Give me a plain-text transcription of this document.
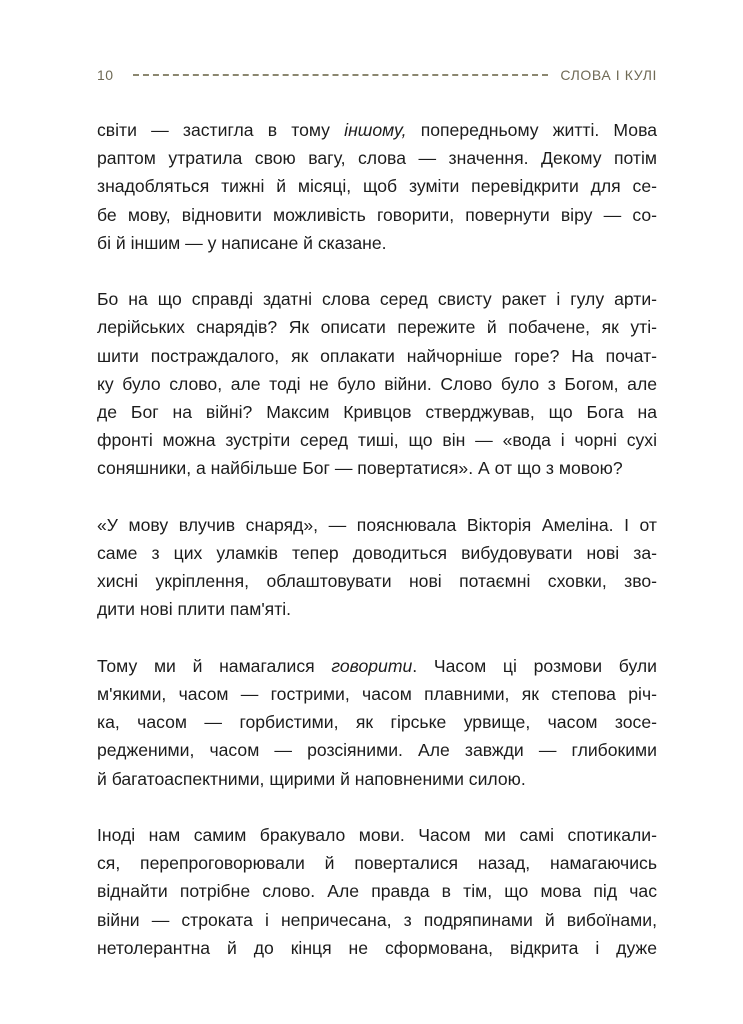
10	СЛОВА І КУЛІ
світи — застигла в тому іншому, попередньому житті. Мова
раптом утратила свою вагу, слова — значення. Декому потім
знадобляться тижні й місяці, щоб зуміти перевідкрити для се-
бе мову, відновити можливість говорити, повернути віру — со-
бі й іншим — у написане й сказане.
Бо на що справді здатні слова серед свисту ракет і гулу арти-
лерійських снарядів? Як описати пережите й побачене, як уті-
шити постраждалого, як оплакати найчорніше горе? На почат-
ку було слово, але тоді не було війни. Слово було з Богом, але
де Бог на війні? Максим Кривцов стверджував, що Бога на
фронті можна зустріти серед тиші, що він — «вода і чорні сухі
соняшники, а найбільше Бог — повертатися». А от що з мовою?
«У мову влучив снаряд», — пояснювала Вікторія Амеліна. І от
саме з цих уламків тепер доводиться вибудовувати нові за-
хисні укріплення, облаштовувати нові потаємні сховки, зво-
дити нові плити пам'яті.
Тому ми й намагалися говорити. Часом ці розмови були
м'якими, часом — гострими, часом плавними, як степова річ-
ка, часом — горбистими, як гірське урвище, часом зосе-
редженими, часом — розсіяними. Але завжди — глибокими
й багатоаспектними, щирими й наповненими силою.
Іноді нам самим бракувало мови. Часом ми самі спотикали-
ся, перепроговорювали й поверталися назад, намагаючись
віднайти потрібне слово. Але правда в тім, що мова під час
війни — строката і непричесана, з подряпинами й вибоїнами,
нетолерантна й до кінця не сформована, відкрита і дуже
